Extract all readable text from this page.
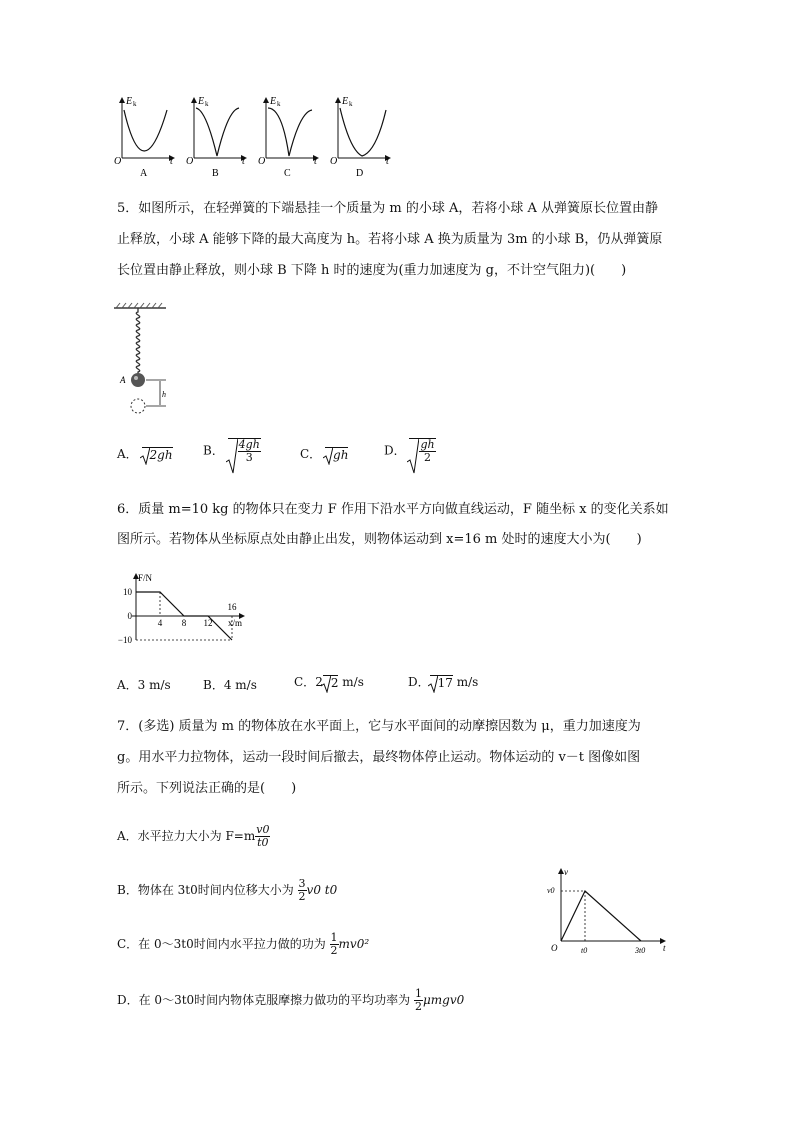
E k
O	t
A
E k
O	t
B
E k
O	t
C
E k
O	t
D
5．如图所示，在轻弹簧的下端悬挂一个质量为 m 的小球 A，若将小球 A 从弹簧原长位置由静
止释放，小球 A 能够下降的最大高度为 h。若将小球 A 换为质量为 3m 的小球 B，仍从弹簧原
长位置由静止释放，则小球 B 下降 h 时的速度为(重力加速度为 g，不计空气阻力)(　　)
A
h
A． 2gh	B． $\frac{4gh}{3}$	C． gh	D． $\frac{gh}{2}$
6．质量 m=10 kg 的物体只在变力 F 作用下沿水平方向做直线运动，F 随坐标 x 的变化关系如
图所示。若物体从坐标原点处由静止出发，则物体运动到 x=16 m 处时的速度大小为(　　)
F/N
x/m
10
0
−10
4 8 12
16
A．3 m/s	B．4 m/s	C．2 2 m/s	D． 17 m/s
7．(多选) 质量为 m 的物体放在水平面上，它与水平面间的动摩擦因数为 μ，重力加速度为
g。用水平力拉物体，运动一段时间后撤去，最终物体停止运动。物体运动的 v－t 图像如图
所示。下列说法正确的是(　　)
A．水平拉力大小为 $F=m \frac{v0}{t0}$
B．物体在 3t0时间内位移大小为 $\frac{3}{2} v0$ t0
C．在 0～3t0时间内水平拉力做的功为 $\frac{1}{2} mv0^2$
D．在 0～3t0时间内物体克服摩擦力做功的平均功率为 $\frac{1}{2} \mu mgv0$
v
t
O
v0
t0	3t0
